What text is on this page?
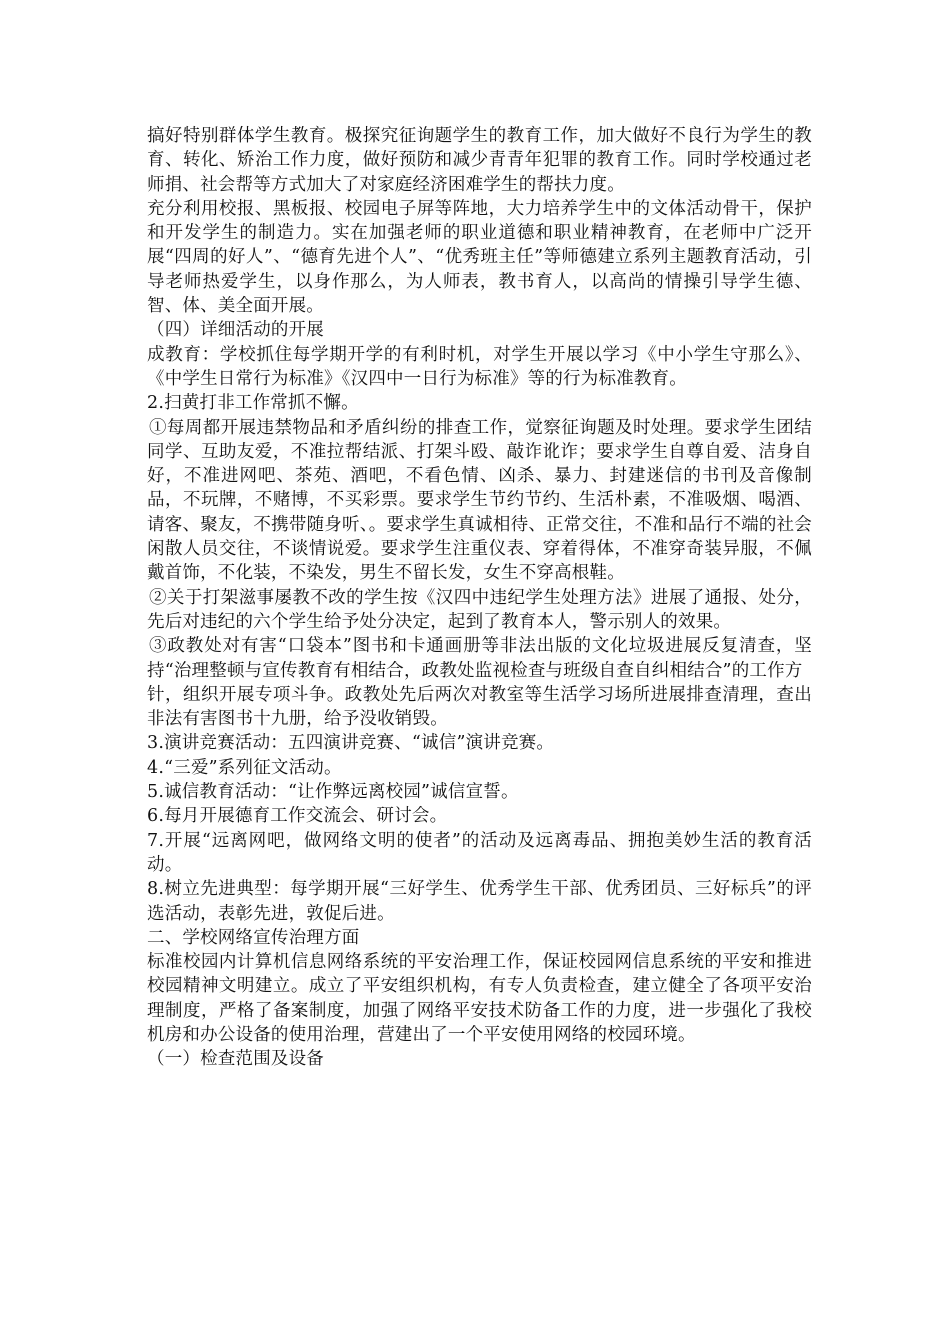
搞好特别群体学生教育。极探究征询题学生的教育工作，加大做好不良行为学生的教育、转化、矫治工作力度，做好预防和减少青青年犯罪的教育工作。同时学校通过老师捐、社会帮等方式加大了对家庭经济困难学生的帮扶力度。

充分利用校报、黑板报、校园电子屏等阵地，大力培养学生中的文体活动骨干，保护和开发学生的制造力。实在加强老师的职业道德和职业精神教育，在老师中广泛开展“四周的好人”、“德育先进个人”、“优秀班主任”等师德建立系列主题教育活动，引导老师热爱学生，以身作那么，为人师表，教书育人，以高尚的情操引导学生德、智、体、美全面开展。

（四）详细活动的开展

成教育：学校抓住每学期开学的有利时机，对学生开展以学习《中小学生守那么》、《中学生日常行为标准》《汉四中一日行为标准》等的行为标准教育。

2.扫黄打非工作常抓不懈。

①每周都开展违禁物品和矛盾纠纷的排查工作，觉察征询题及时处理。要求学生团结同学、互助友爱，不准拉帮结派、打架斗殴、敲诈讹诈；要求学生自尊自爱、洁身自好，不准进网吧、茶苑、酒吧，不看色情、凶杀、暴力、封建迷信的书刊及音像制品，不玩牌，不赌博，不买彩票。要求学生节约节约、生活朴素，不准吸烟、喝酒、请客、聚友，不携带随身听、。要求学生真诚相待、正常交往，不准和品行不端的社会闲散人员交往，不谈情说爱。要求学生注重仪表、穿着得体，不准穿奇装异服，不佩戴首饰，不化装，不染发，男生不留长发，女生不穿高根鞋。

②关于打架滋事屡教不改的学生按《汉四中违纪学生处理方法》进展了通报、处分，先后对违纪的六个学生给予处分决定，起到了教育本人，警示别人的效果。

③政教处对有害“口袋本”图书和卡通画册等非法出版的文化垃圾进展反复清查，坚持“治理整顿与宣传教育有相结合，政教处监视检查与班级自查自纠相结合”的工作方

针，组织开展专项斗争。政教处先后两次对教室等生活学习场所进展排查清理，查出非法有害图书十九册，给予没收销毁。

3.演讲竞赛活动：五四演讲竞赛、“诚信”演讲竞赛。

4.“三爱”系列征文活动。

5.诚信教育活动：“让作弊远离校园”诚信宣誓。

6.每月开展德育工作交流会、研讨会。

7.开展“远离网吧，做网络文明的使者”的活动及远离毒品、拥抱美妙生活的教育活动。

8.树立先进典型：每学期开展“三好学生、优秀学生干部、优秀团员、三好标兵”的评选活动，表彰先进，敦促后进。

二、学校网络宣传治理方面

标准校园内计算机信息网络系统的平安治理工作，保证校园网信息系统的平安和推进校园精神文明建立。成立了平安组织机构，有专人负责检查，建立健全了各项平安治理制度，严格了备案制度，加强了网络平安技术防备工作的力度，进一步强化了我校机房和办公设备的使用治理，营建出了一个平安使用网络的校园环境。

（一）检查范围及设备
